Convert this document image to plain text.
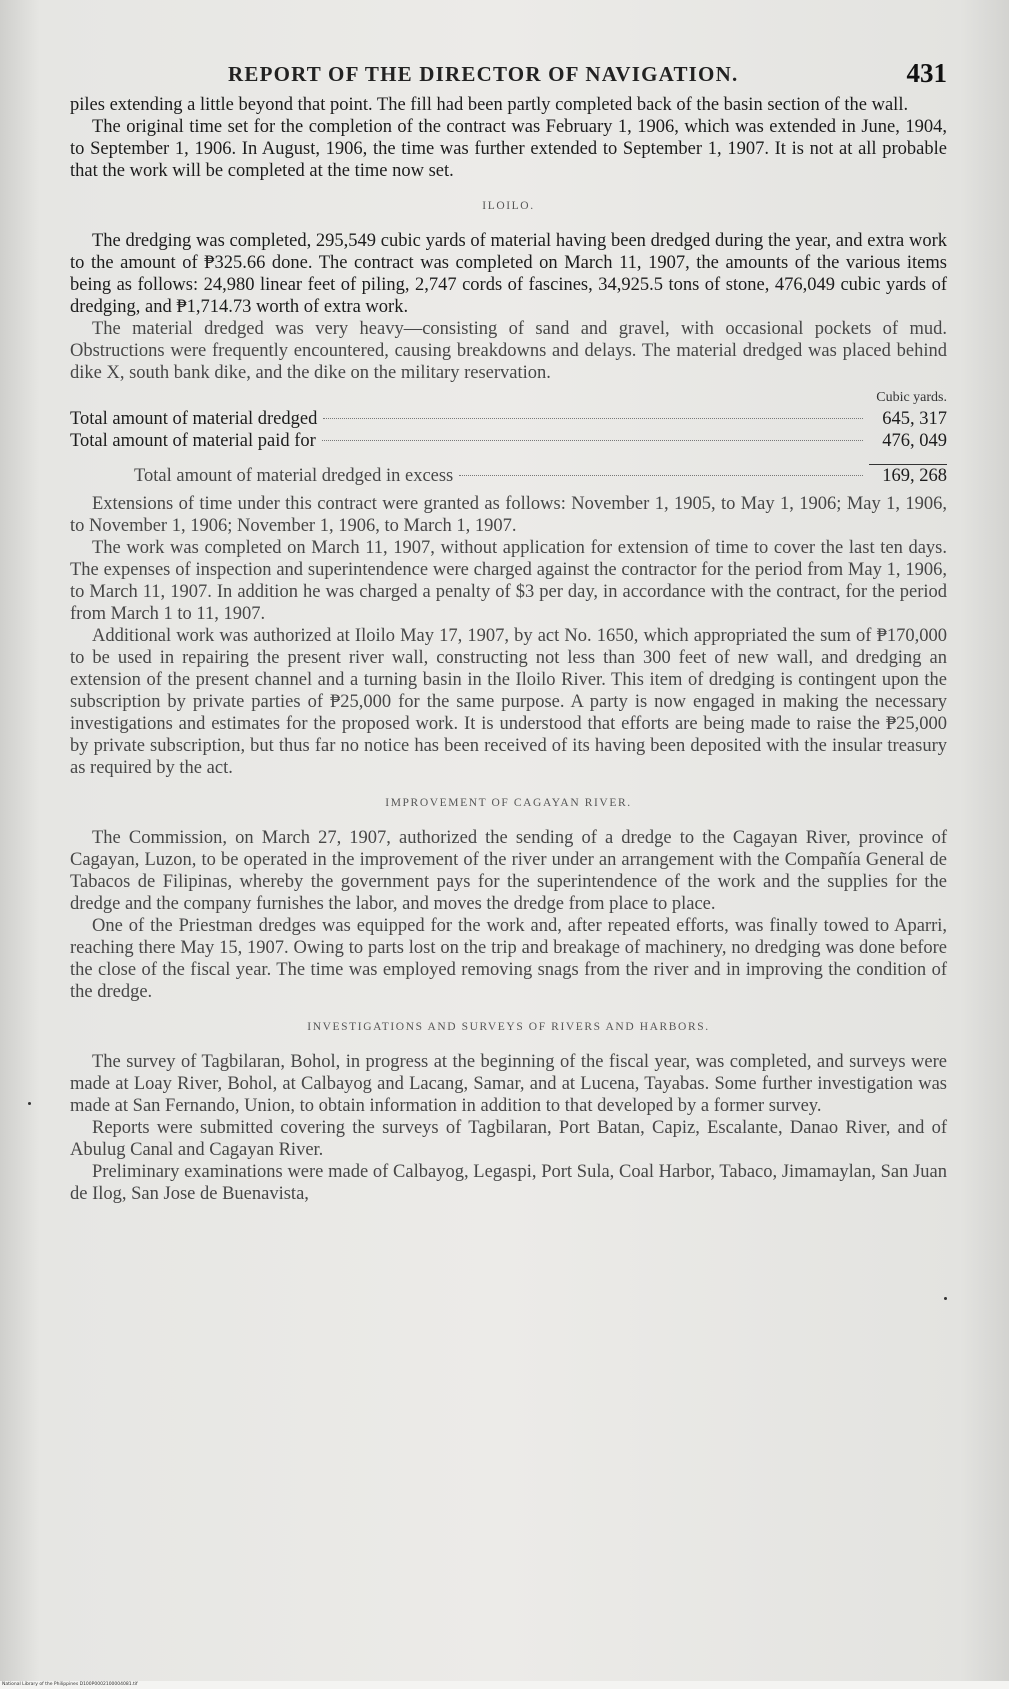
REPORT OF THE DIRECTOR OF NAVIGATION.	431

piles extending a little beyond that point. The fill had been partly completed back of the basin section of the wall.

The original time set for the completion of the contract was February 1, 1906, which was extended in June, 1904, to September 1, 1906. In August, 1906, the time was further extended to September 1, 1907. It is not at all probable that the work will be completed at the time now set.

ILOILO.

The dredging was completed, 295,549 cubic yards of material having been dredged during the year, and extra work to the amount of ₱325.66 done. The contract was completed on March 11, 1907, the amounts of the various items being as follows: 24,980 linear feet of piling, 2,747 cords of fascines, 34,925.5 tons of stone, 476,049 cubic yards of dredging, and ₱1,714.73 worth of extra work.

The material dredged was very heavy—consisting of sand and gravel, with occasional pockets of mud. Obstructions were frequently encountered, causing breakdowns and delays. The material dredged was placed behind dike X, south bank dike, and the dike on the military reservation.

Cubic yards.
Total amount of material dredged	645, 317
Total amount of material paid for	476, 049
Total amount of material dredged in excess	169, 268

Extensions of time under this contract were granted as follows: November 1, 1905, to May 1, 1906; May 1, 1906, to November 1, 1906; November 1, 1906, to March 1, 1907.

The work was completed on March 11, 1907, without application for extension of time to cover the last ten days. The expenses of inspection and superintendence were charged against the contractor for the period from May 1, 1906, to March 11, 1907. In addition he was charged a penalty of $3 per day, in accordance with the contract, for the period from March 1 to 11, 1907.

Additional work was authorized at Iloilo May 17, 1907, by act No. 1650, which appropriated the sum of ₱170,000 to be used in repairing the present river wall, constructing not less than 300 feet of new wall, and dredging an extension of the present channel and a turning basin in the Iloilo River. This item of dredging is contingent upon the subscription by private parties of ₱25,000 for the same purpose. A party is now engaged in making the necessary investigations and estimates for the proposed work. It is understood that efforts are being made to raise the ₱25,000 by private subscription, but thus far no notice has been received of its having been deposited with the insular treasury as required by the act.

IMPROVEMENT OF CAGAYAN RIVER.

The Commission, on March 27, 1907, authorized the sending of a dredge to the Cagayan River, province of Cagayan, Luzon, to be operated in the improvement of the river under an arrangement with the Compañía General de Tabacos de Filipinas, whereby the government pays for the superintendence of the work and the supplies for the dredge and the company furnishes the labor, and moves the dredge from place to place.

One of the Priestman dredges was equipped for the work and, after repeated efforts, was finally towed to Aparri, reaching there May 15, 1907. Owing to parts lost on the trip and breakage of machinery, no dredging was done before the close of the fiscal year. The time was employed removing snags from the river and in improving the condition of the dredge.

INVESTIGATIONS AND SURVEYS OF RIVERS AND HARBORS.

The survey of Tagbilaran, Bohol, in progress at the beginning of the fiscal year, was completed, and surveys were made at Loay River, Bohol, at Calbayog and Lacang, Samar, and at Lucena, Tayabas. Some further investigation was made at San Fernando, Union, to obtain information in addition to that developed by a former survey.

Reports were submitted covering the surveys of Tagbilaran, Port Batan, Capiz, Escalante, Danao River, and of Abulug Canal and Cagayan River.

Preliminary examinations were made of Calbayog, Legaspi, Port Sula, Coal Harbor, Tabaco, Jimamaylan, San Juan de Ilog, San Jose de Buenavista,

National Library of the Philippines D100P0002100004081.tif
